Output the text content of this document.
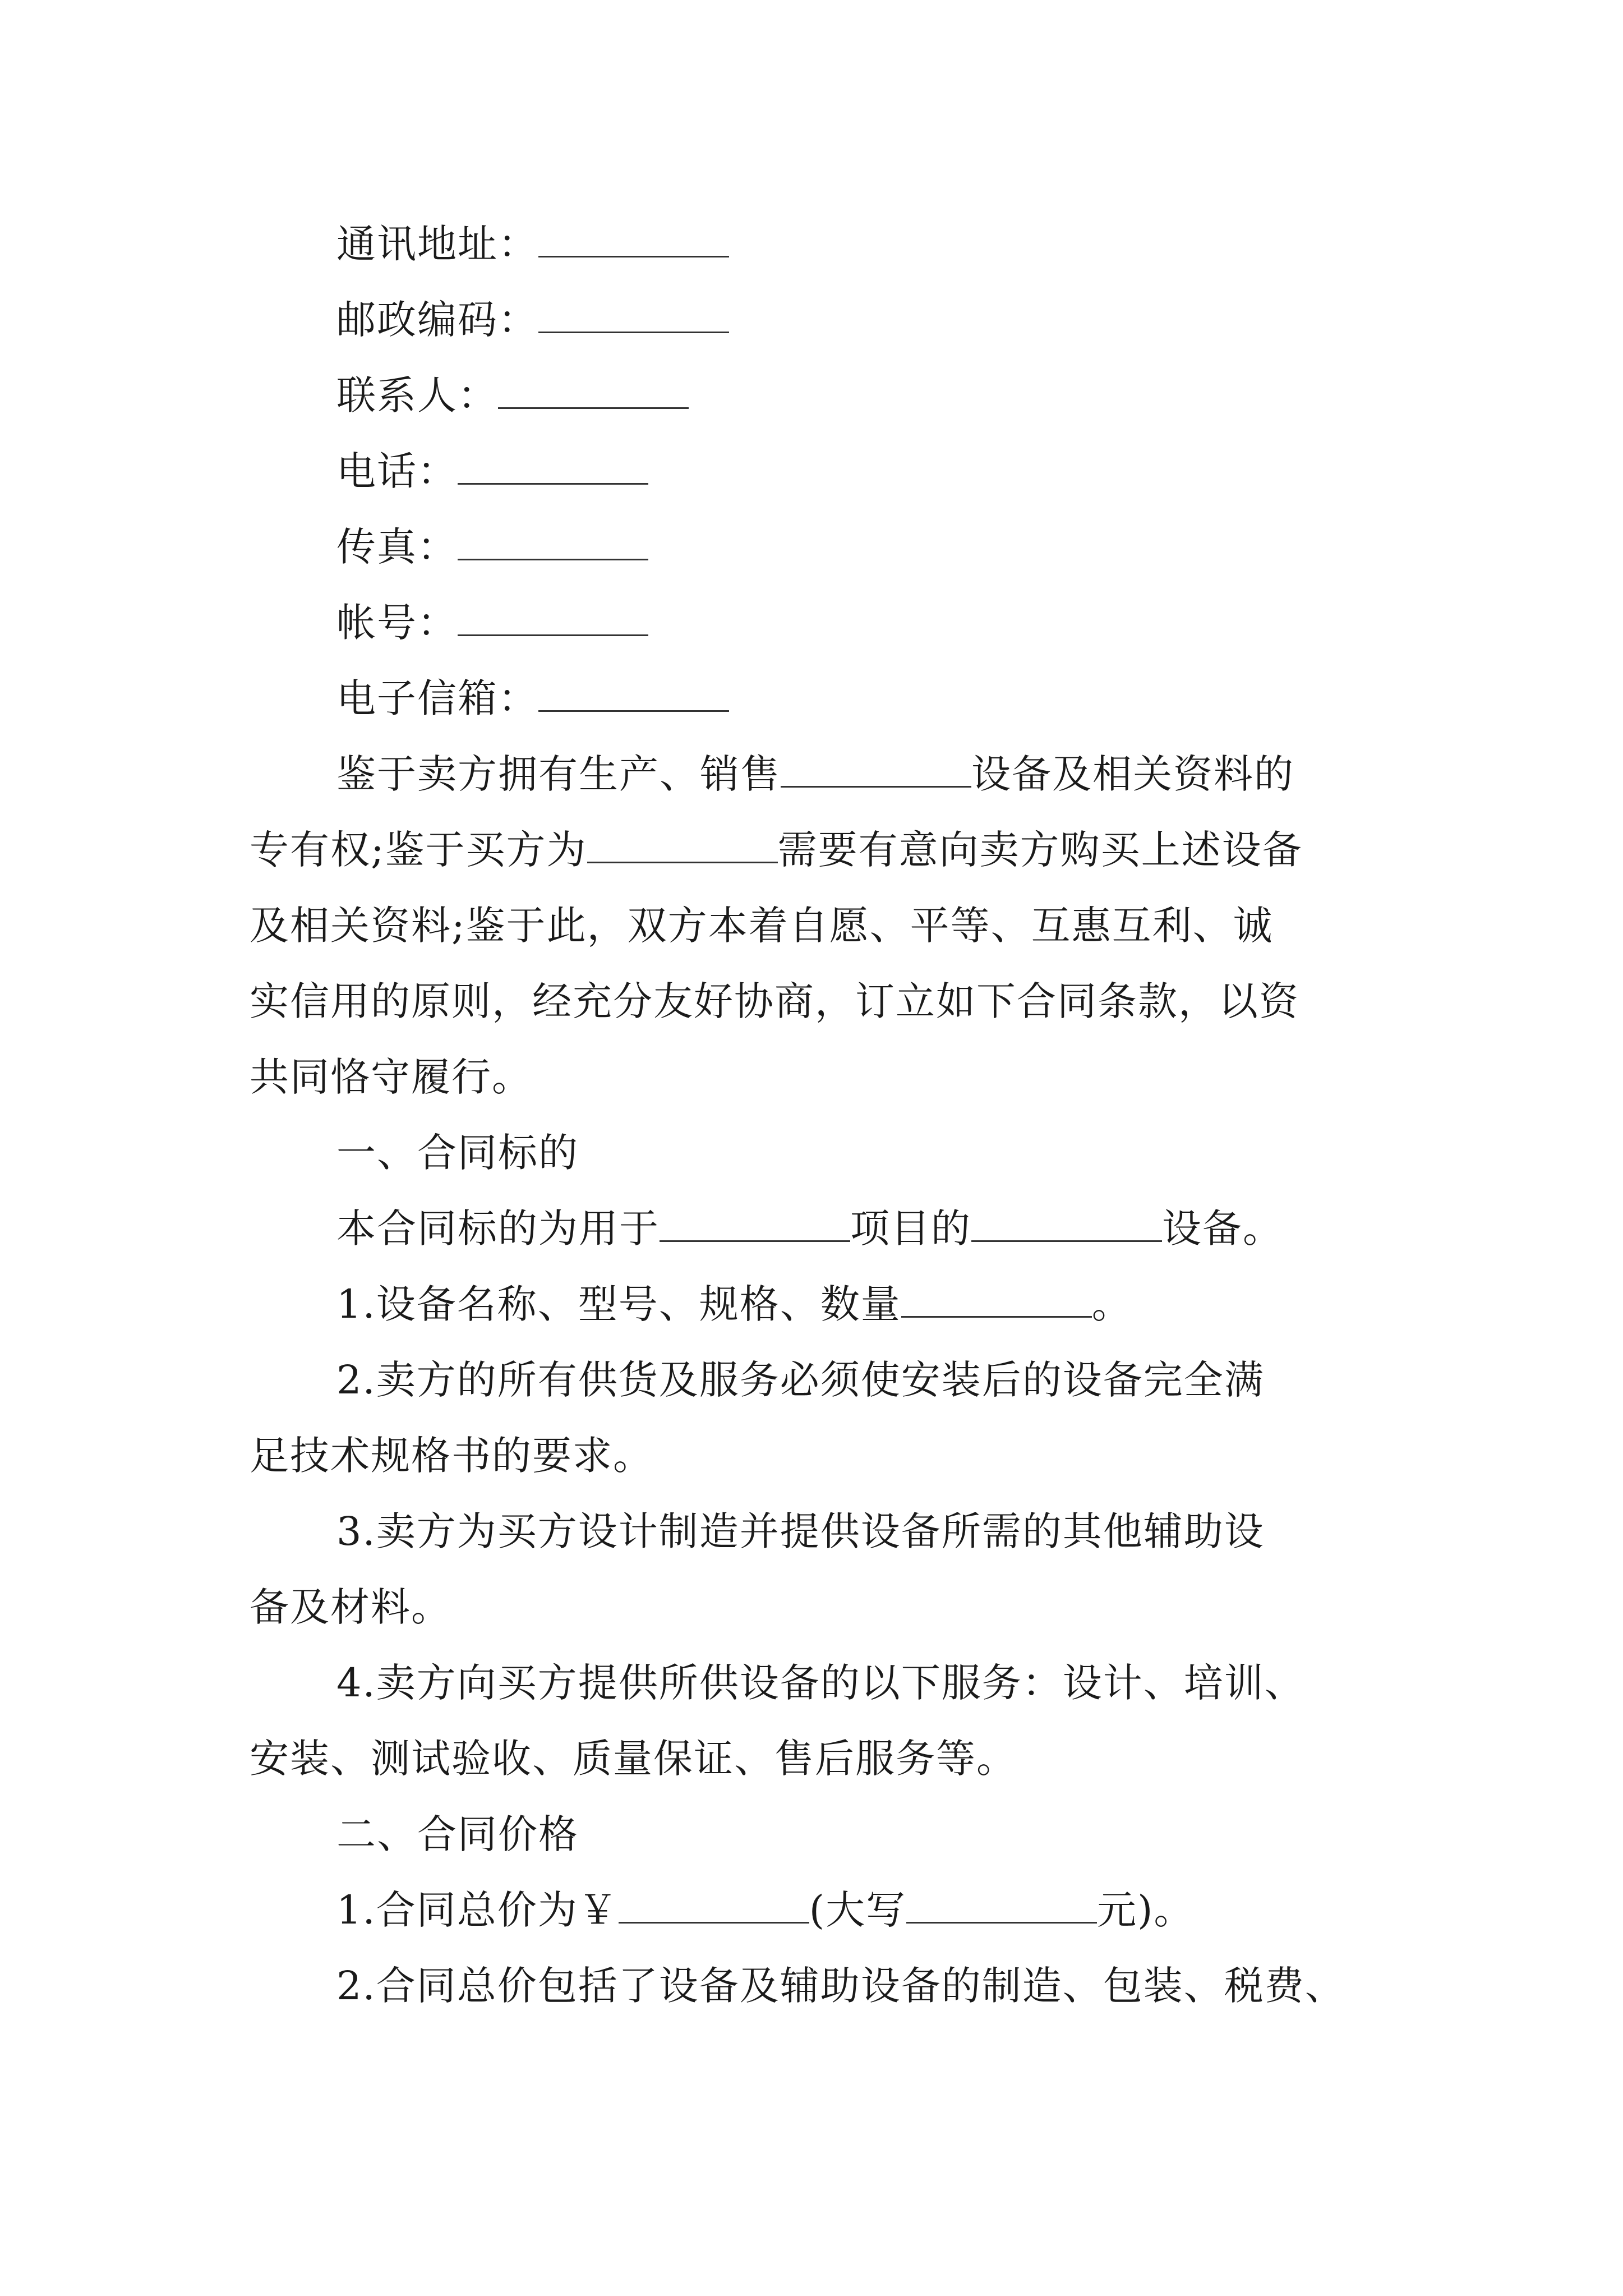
通讯地址：
邮政编码：
联系人：
电话：
传真：
帐号：
电子信箱：
鉴于卖方拥有生产、销售	设备及相关资料的
专有权;鉴于买方为	需要有意向卖方购买上述设备
及相关资料;鉴于此，双方本着自愿、平等、互惠互利、诚
实信用的原则，经充分友好协商，订立如下合同条款，以资
共同恪守履行。
一、合同标的
本合同标的为用于	项目的	设备。
1.设备名称、型号、规格、数量	。
2.卖方的所有供货及服务必须使安装后的设备完全满
足技术规格书的要求。
3.卖方为买方设计制造并提供设备所需的其他辅助设
备及材料。
4.卖方向买方提供所供设备的以下服务：设计、培训、
安装、测试验收、质量保证、售后服务等。
二、合同价格
1.合同总价为￥	(大写	元)。
2.合同总价包括了设备及辅助设备的制造、包装、税费、
